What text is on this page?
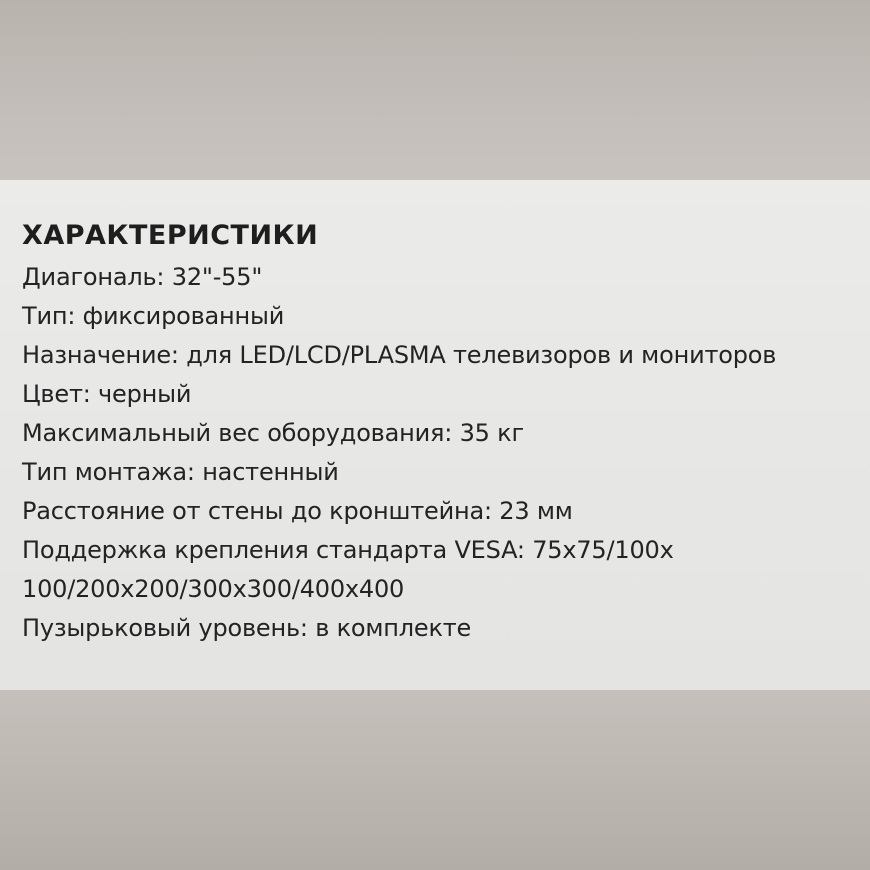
ХАРАКТЕРИСТИКИ
Диагональ: 32"-55"
Тип: фиксированный
Назначение: для LED/LCD/PLASMA телевизоров и мониторов
Цвет: черный
Максимальный вес оборудования: 35 кг
Тип монтажа: настенный
Расстояние от стены до кронштейна: 23 мм
Поддержка крепления стандарта VESA: 75x75/100x
100/200x200/300x300/400x400
Пузырьковый уровень: в комплекте
